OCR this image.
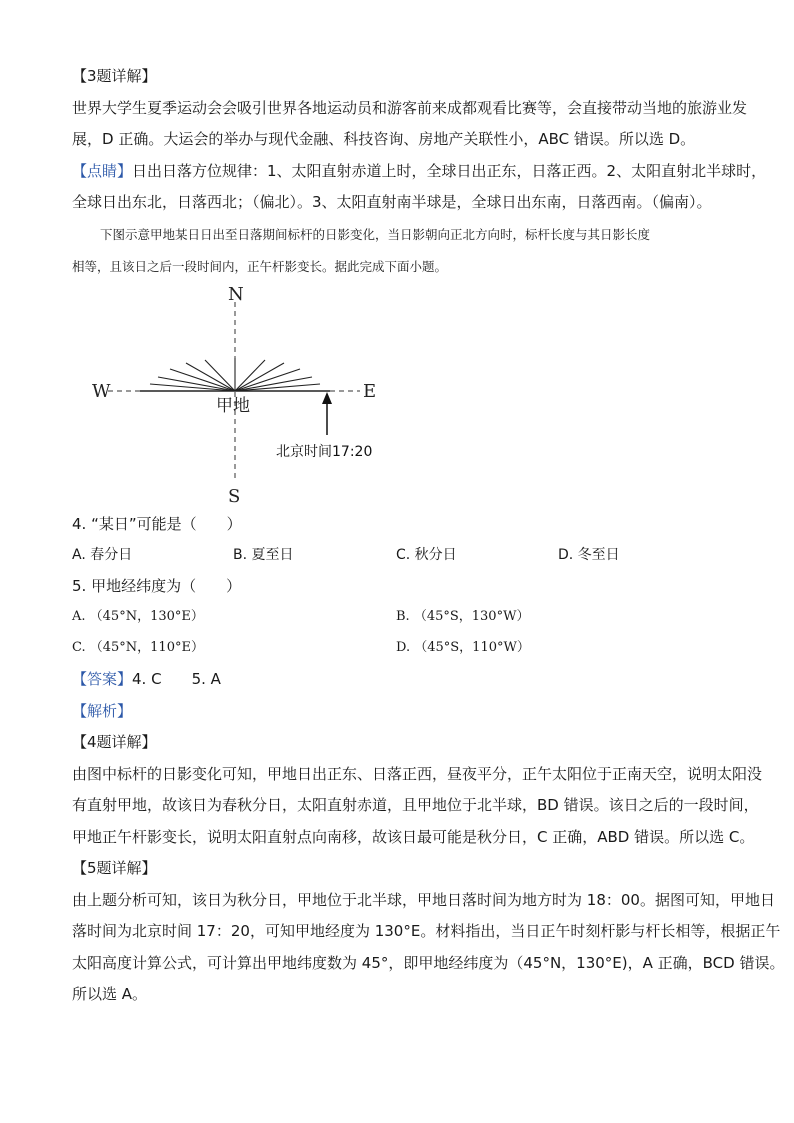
【3题详解】
世界大学生夏季运动会会吸引世界各地运动员和游客前来成都观看比赛等，会直接带动当地的旅游业发
展，D 正确。大运会的举办与现代金融、科技咨询、房地产关联性小，ABC 错误。所以选 D。
【点睛】日出日落方位规律：1、太阳直射赤道上时，全球日出正东，日落正西。2、太阳直射北半球时，
全球日出东北，日落西北；（偏北）。3、太阳直射南半球是，全球日出东南，日落西南。（偏南）。
下图示意甲地某日日出至日落期间标杆的日影变化，当日影朝向正北方向时，标杆长度与其日影长度
相等，且该日之后一段时间内，正午杆影变长。据此完成下面小题。
N
S
W	E
甲地
北京时间17:20
4. “某日”可能是（　　）
A. 春分日	B. 夏至日	C. 秋分日	D. 冬至日
5. 甲地经纬度为（　　）
A. （45°N，130°E）	B. （45°S，130°W）
C. （45°N，110°E）	D. （45°S，110°W）
【答案】4. C　　5. A
【解析】
【4题详解】
由图中标杆的日影变化可知，甲地日出正东、日落正西，昼夜平分，正午太阳位于正南天空，说明太阳没
有直射甲地，故该日为春秋分日，太阳直射赤道，且甲地位于北半球，BD 错误。该日之后的一段时间，
甲地正午杆影变长，说明太阳直射点向南移，故该日最可能是秋分日，C 正确，ABD 错误。所以选 C。
【5题详解】
由上题分析可知，该日为秋分日，甲地位于北半球，甲地日落时间为地方时为 18：00。据图可知，甲地日
落时间为北京时间 17：20，可知甲地经度为 130°E。材料指出，当日正午时刻杆影与杆长相等，根据正午
太阳高度计算公式，可计算出甲地纬度数为 45°，即甲地经纬度为（45°N，130°E)，A 正确，BCD 错误。
所以选 A。
